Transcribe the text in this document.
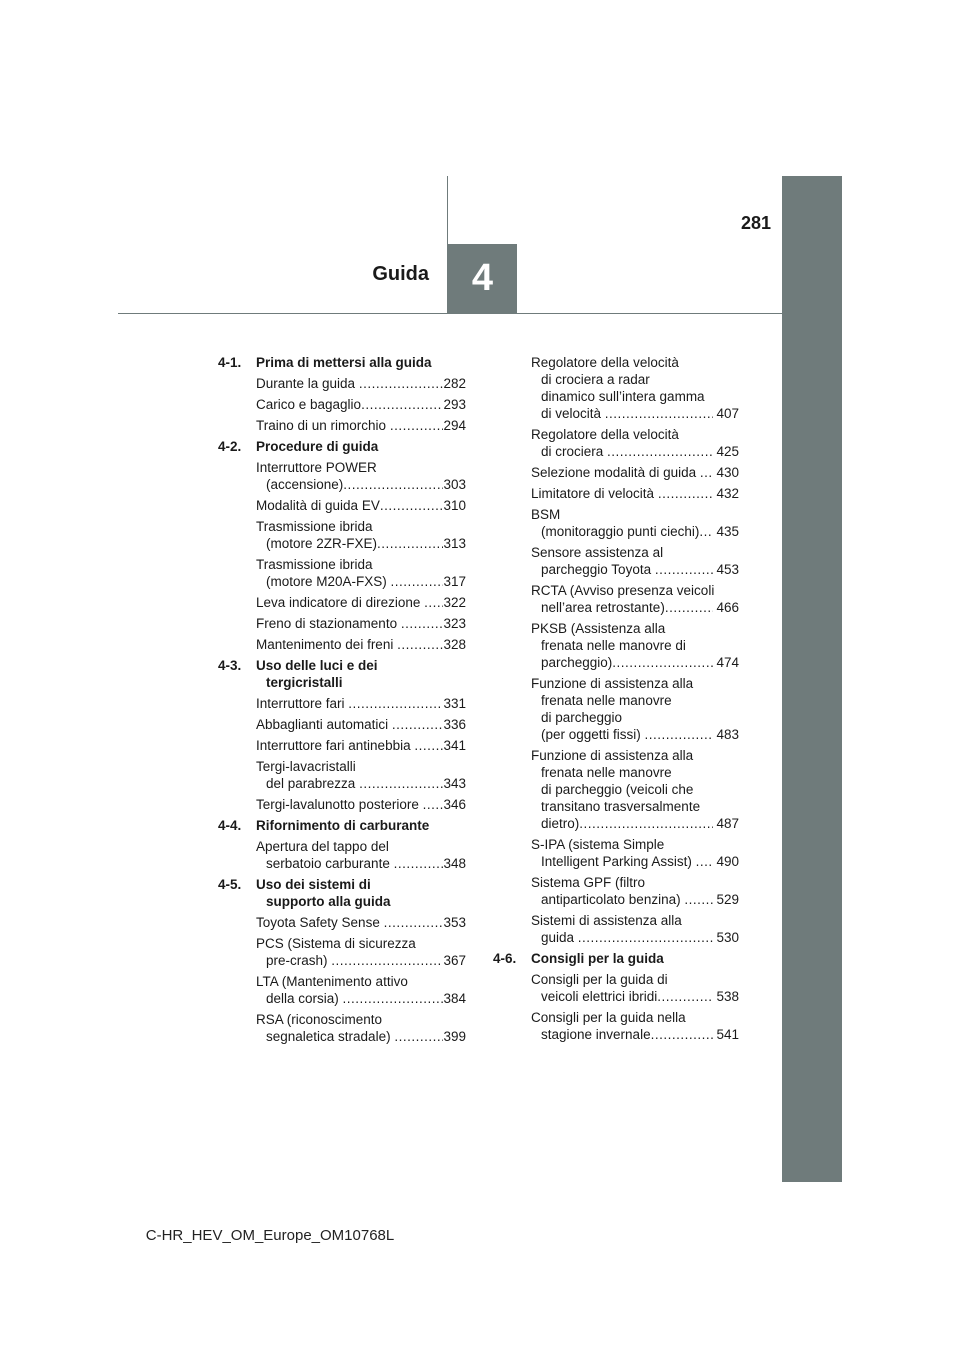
4
Guida
281
4-1. Prima di mettersi alla guida
Durante la guida .....	282
Carico e bagaglio .....	293
Traino di un rimorchio .....	294
4-2. Procedure di guida
Interruttore POWER
(accensione) .....	303
Modalità di guida EV .....	310
Trasmissione ibrida
(motore 2ZR-FXE) .....	313
Trasmissione ibrida
(motore M20A-FXS) .....	317
Leva indicatore di direzione ..... 322
Freno di stazionamento .....	323
Mantenimento dei freni .....	328
4-3. Uso delle luci e dei
tergicristalli
Interruttore fari .....	331
Abbaglianti automatici .....	336
Interruttore fari antinebbia ..... 341
Tergi-lavacristalli
del parabrezza .....	343
Tergi-lavalunotto posteriore ..... 346
4-4. Rifornimento di carburante
Apertura del tappo del
serbatoio carburante .....	348
4-5. Uso dei sistemi di
supporto alla guida
Toyota Safety Sense .....	353
PCS (Sistema di sicurezza
pre-crash) .....	367
LTA (Mantenimento attivo
della corsia) .....	384
RSA (riconoscimento
segnaletica stradale) .....	399
Regolatore della velocità
di crociera a radar
dinamico sull’intera gamma
di velocità .....	407
Regolatore della velocità
di crociera .....	425
Selezione modalità di guida ..... 430
Limitatore di velocità .....	432
BSM
(monitoraggio punti ciechi) ..... 435
Sensore assistenza al
parcheggio Toyota .....	453
RCTA (Avviso presenza veicoli
nell’area retrostante) .....	466
PKSB (Assistenza alla
frenata nelle manovre di
parcheggio) .....	474
Funzione di assistenza alla
frenata nelle manovre
di parcheggio
(per oggetti fissi) .....	483
Funzione di assistenza alla
frenata nelle manovre
di parcheggio (veicoli che
transitano trasversalmente
dietro) .....	487
S-IPA (sistema Simple
Intelligent Parking Assist) ..... 490
Sistema GPF (filtro
antiparticolato benzina) ..... 529
Sistemi di assistenza alla
guida .....	530
4-6. Consigli per la guida
Consigli per la guida di
veicoli elettrici ibridi .....	538
Consigli per la guida nella
stagione invernale .....	541
C-HR_HEV_OM_Europe_OM10768L
